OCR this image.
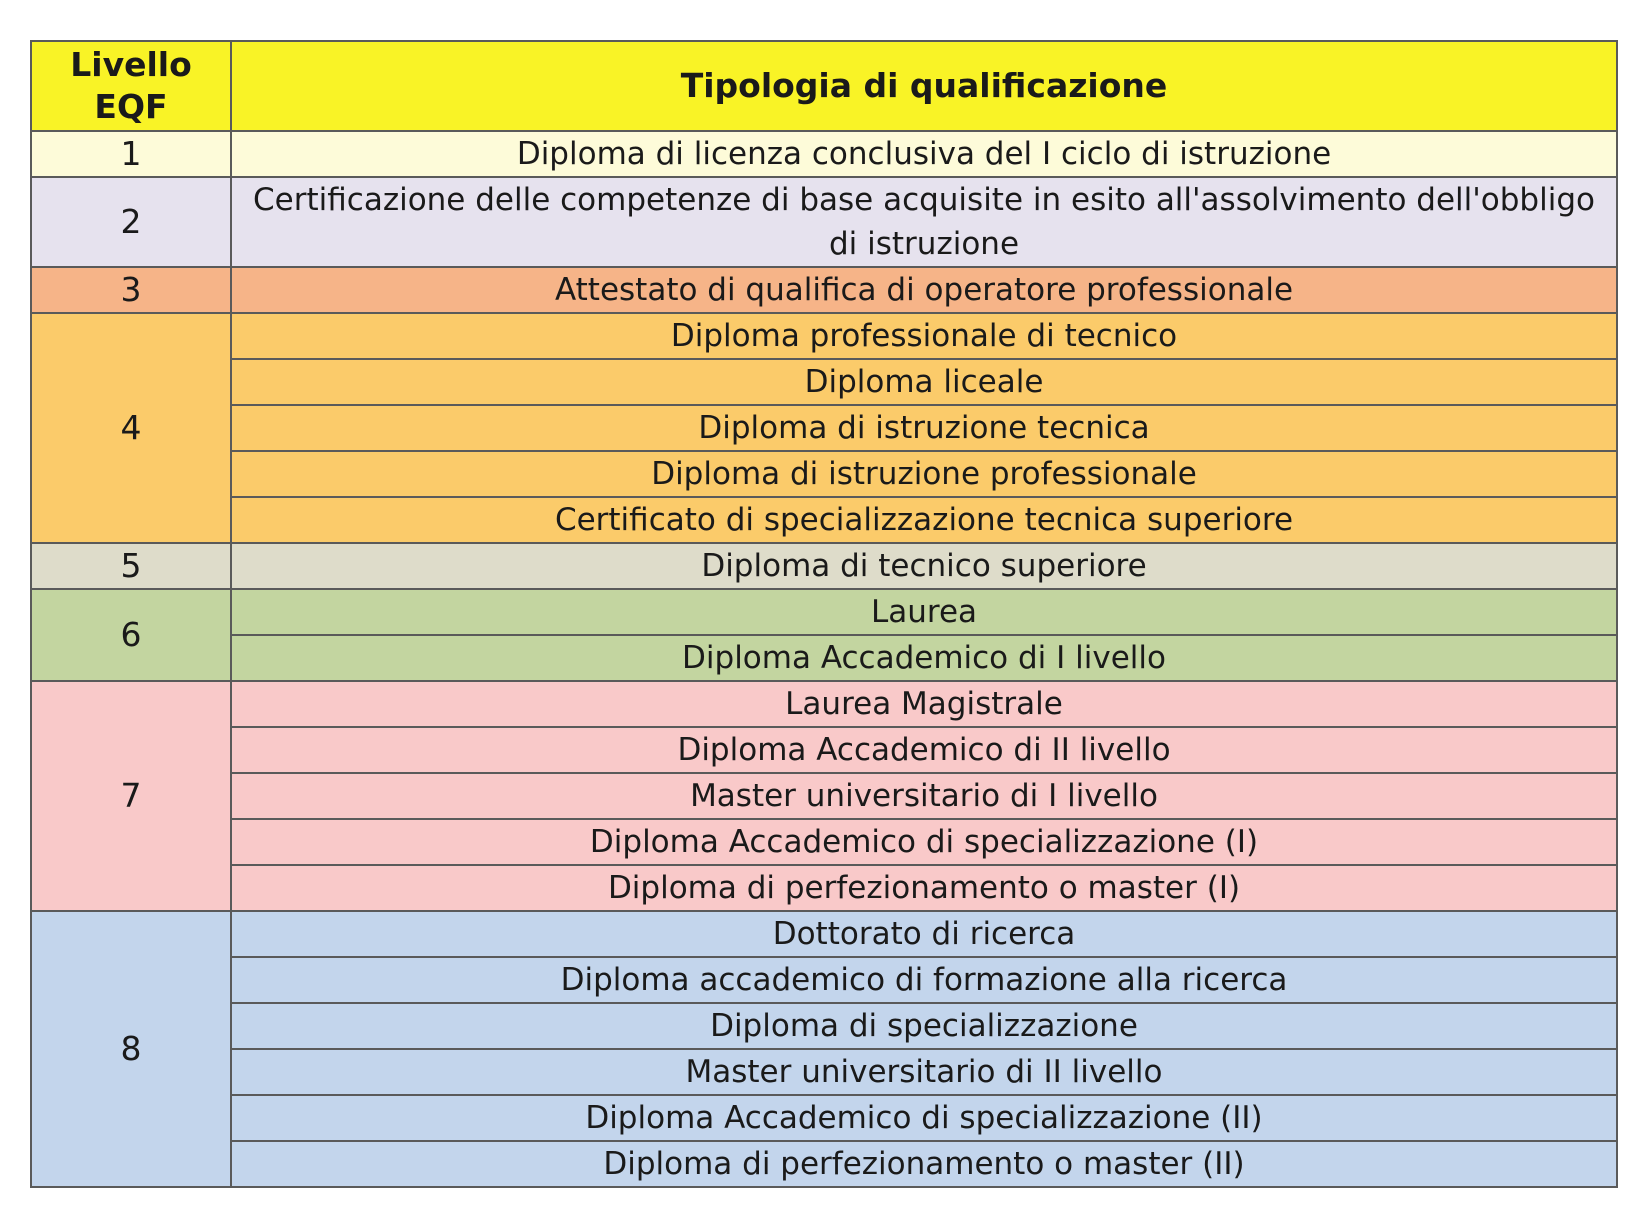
Livello EQF	Tipologia di qualificazione
1	Diploma di licenza conclusiva del I ciclo di istruzione
2	Certificazione delle competenze di base acquisite in esito all'assolvimento dell'obbligo di istruzione
3	Attestato di qualifica di operatore professionale
4	Diploma professionale di tecnico
	Diploma liceale
	Diploma di istruzione tecnica
	Diploma di istruzione professionale
	Certificato di specializzazione tecnica superiore
5	Diploma di tecnico superiore
6	Laurea
	Diploma Accademico di I livello
7	Laurea Magistrale
	Diploma Accademico di II livello
	Master universitario di I livello
	Diploma Accademico di specializzazione (I)
	Diploma di perfezionamento o master (I)
8	Dottorato di ricerca
	Diploma accademico di formazione alla ricerca
	Diploma di specializzazione
	Master universitario di II livello
	Diploma Accademico di specializzazione (II)
	Diploma di perfezionamento o master (II)
